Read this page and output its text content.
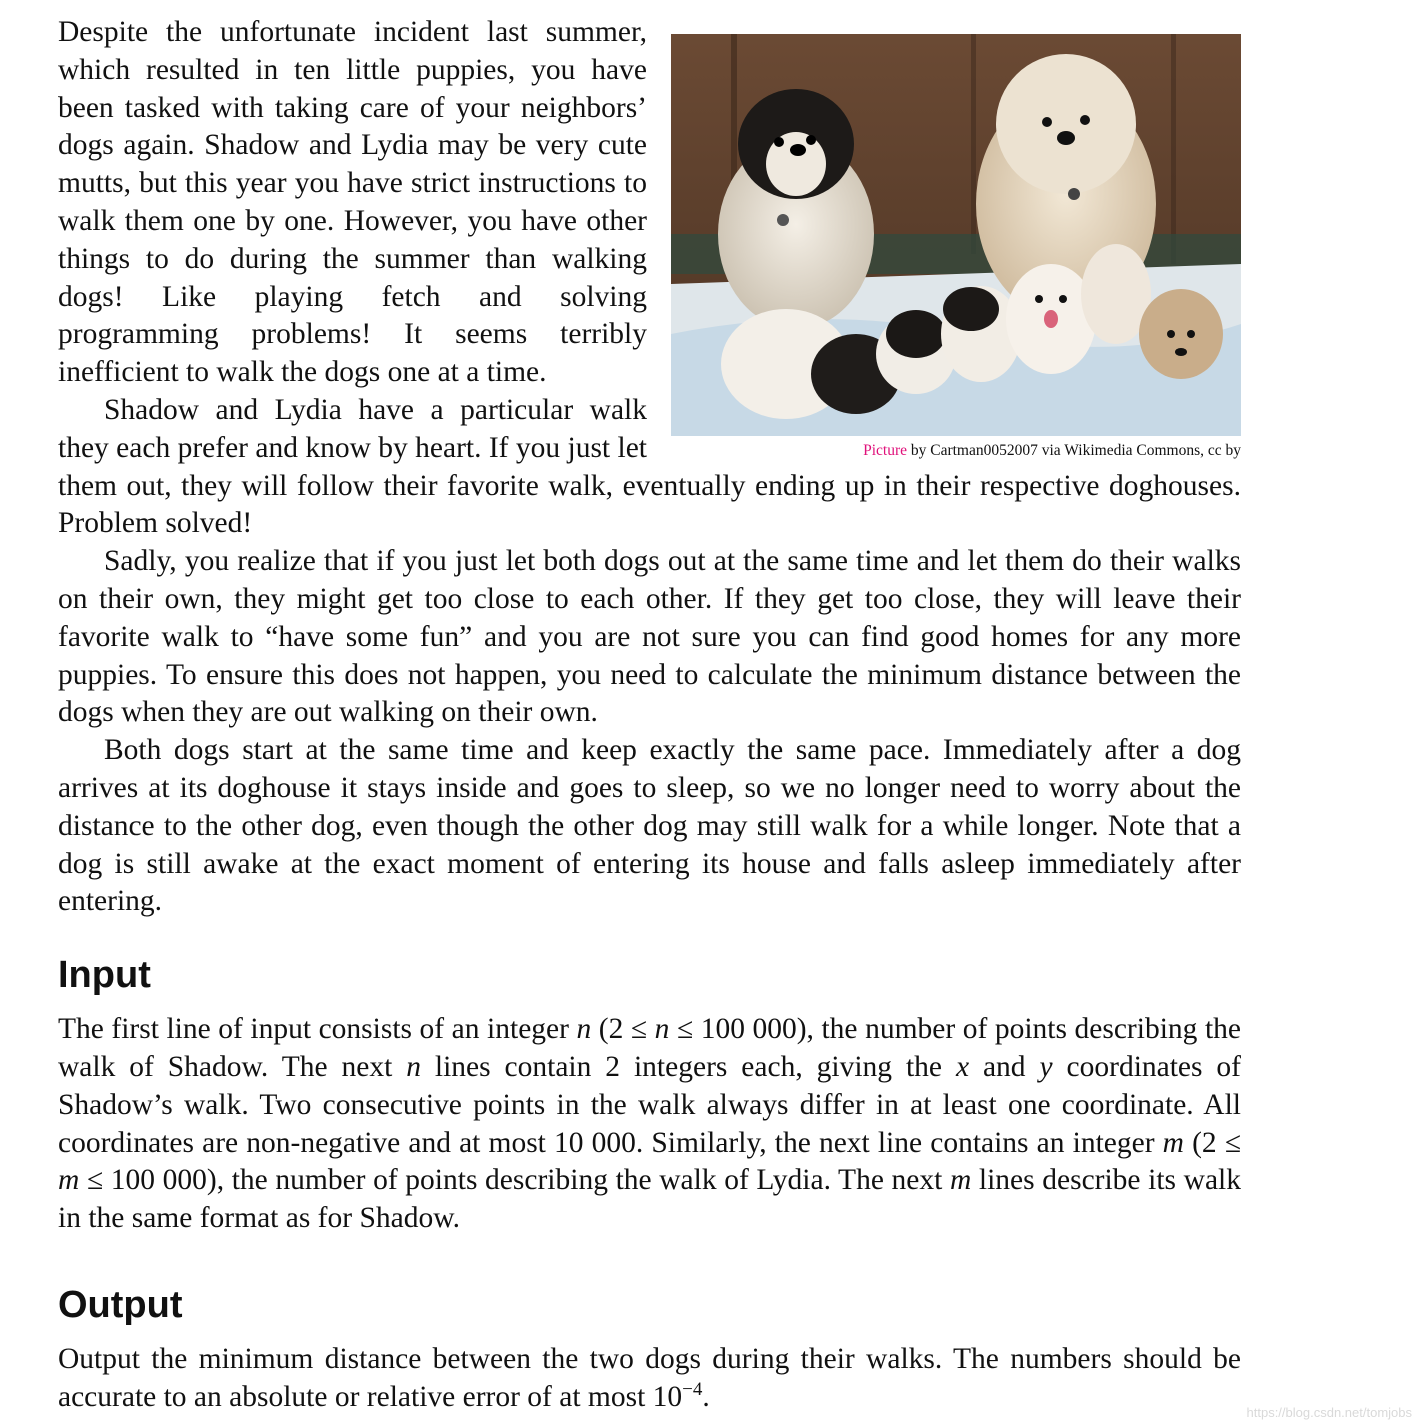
Picture by Cartman0052007 via Wikimedia Commons, cc by

Despite the unfortunate incident last summer, which resulted in ten little puppies, you have been tasked with taking care of your neighbors’ dogs again. Shadow and Lydia may be very cute mutts, but this year you have strict instructions to walk them one by one. However, you have other things to do during the summer than walking dogs! Like playing fetch and solving programming problems! It seems terribly inefficient to walk the dogs one at a time.

Shadow and Lydia have a particular walk they each prefer and know by heart. If you just let them out, they will follow their favorite walk, eventually ending up in their respective doghouses. Problem solved!

Sadly, you realize that if you just let both dogs out at the same time and let them do their walks on their own, they might get too close to each other. If they get too close, they will leave their favorite walk to “have some fun” and you are not sure you can find good homes for any more puppies. To ensure this does not happen, you need to calculate the minimum distance between the dogs when they are out walking on their own.

Both dogs start at the same time and keep exactly the same pace. Immediately after a dog arrives at its doghouse it stays inside and goes to sleep, so we no longer need to worry about the distance to the other dog, even though the other dog may still walk for a while longer. Note that a dog is still awake at the exact moment of entering its house and falls asleep immediately after entering.

Input

The first line of input consists of an integer n (2 ≤ n ≤ 100 000), the number of points describing the walk of Shadow. The next n lines contain 2 integers each, giving the x and y coordinates of Shadow’s walk. Two consecutive points in the walk always differ in at least one coordinate. All coordinates are non-negative and at most 10 000. Similarly, the next line contains an integer m (2 ≤ m ≤ 100 000), the number of points describing the walk of Lydia. The next m lines describe its walk in the same format as for Shadow.

Output

Output the minimum distance between the two dogs during their walks. The numbers should be accurate to an absolute or relative error of at most $10^{-4}$.	https://blog.csdn.net/tomjobs
